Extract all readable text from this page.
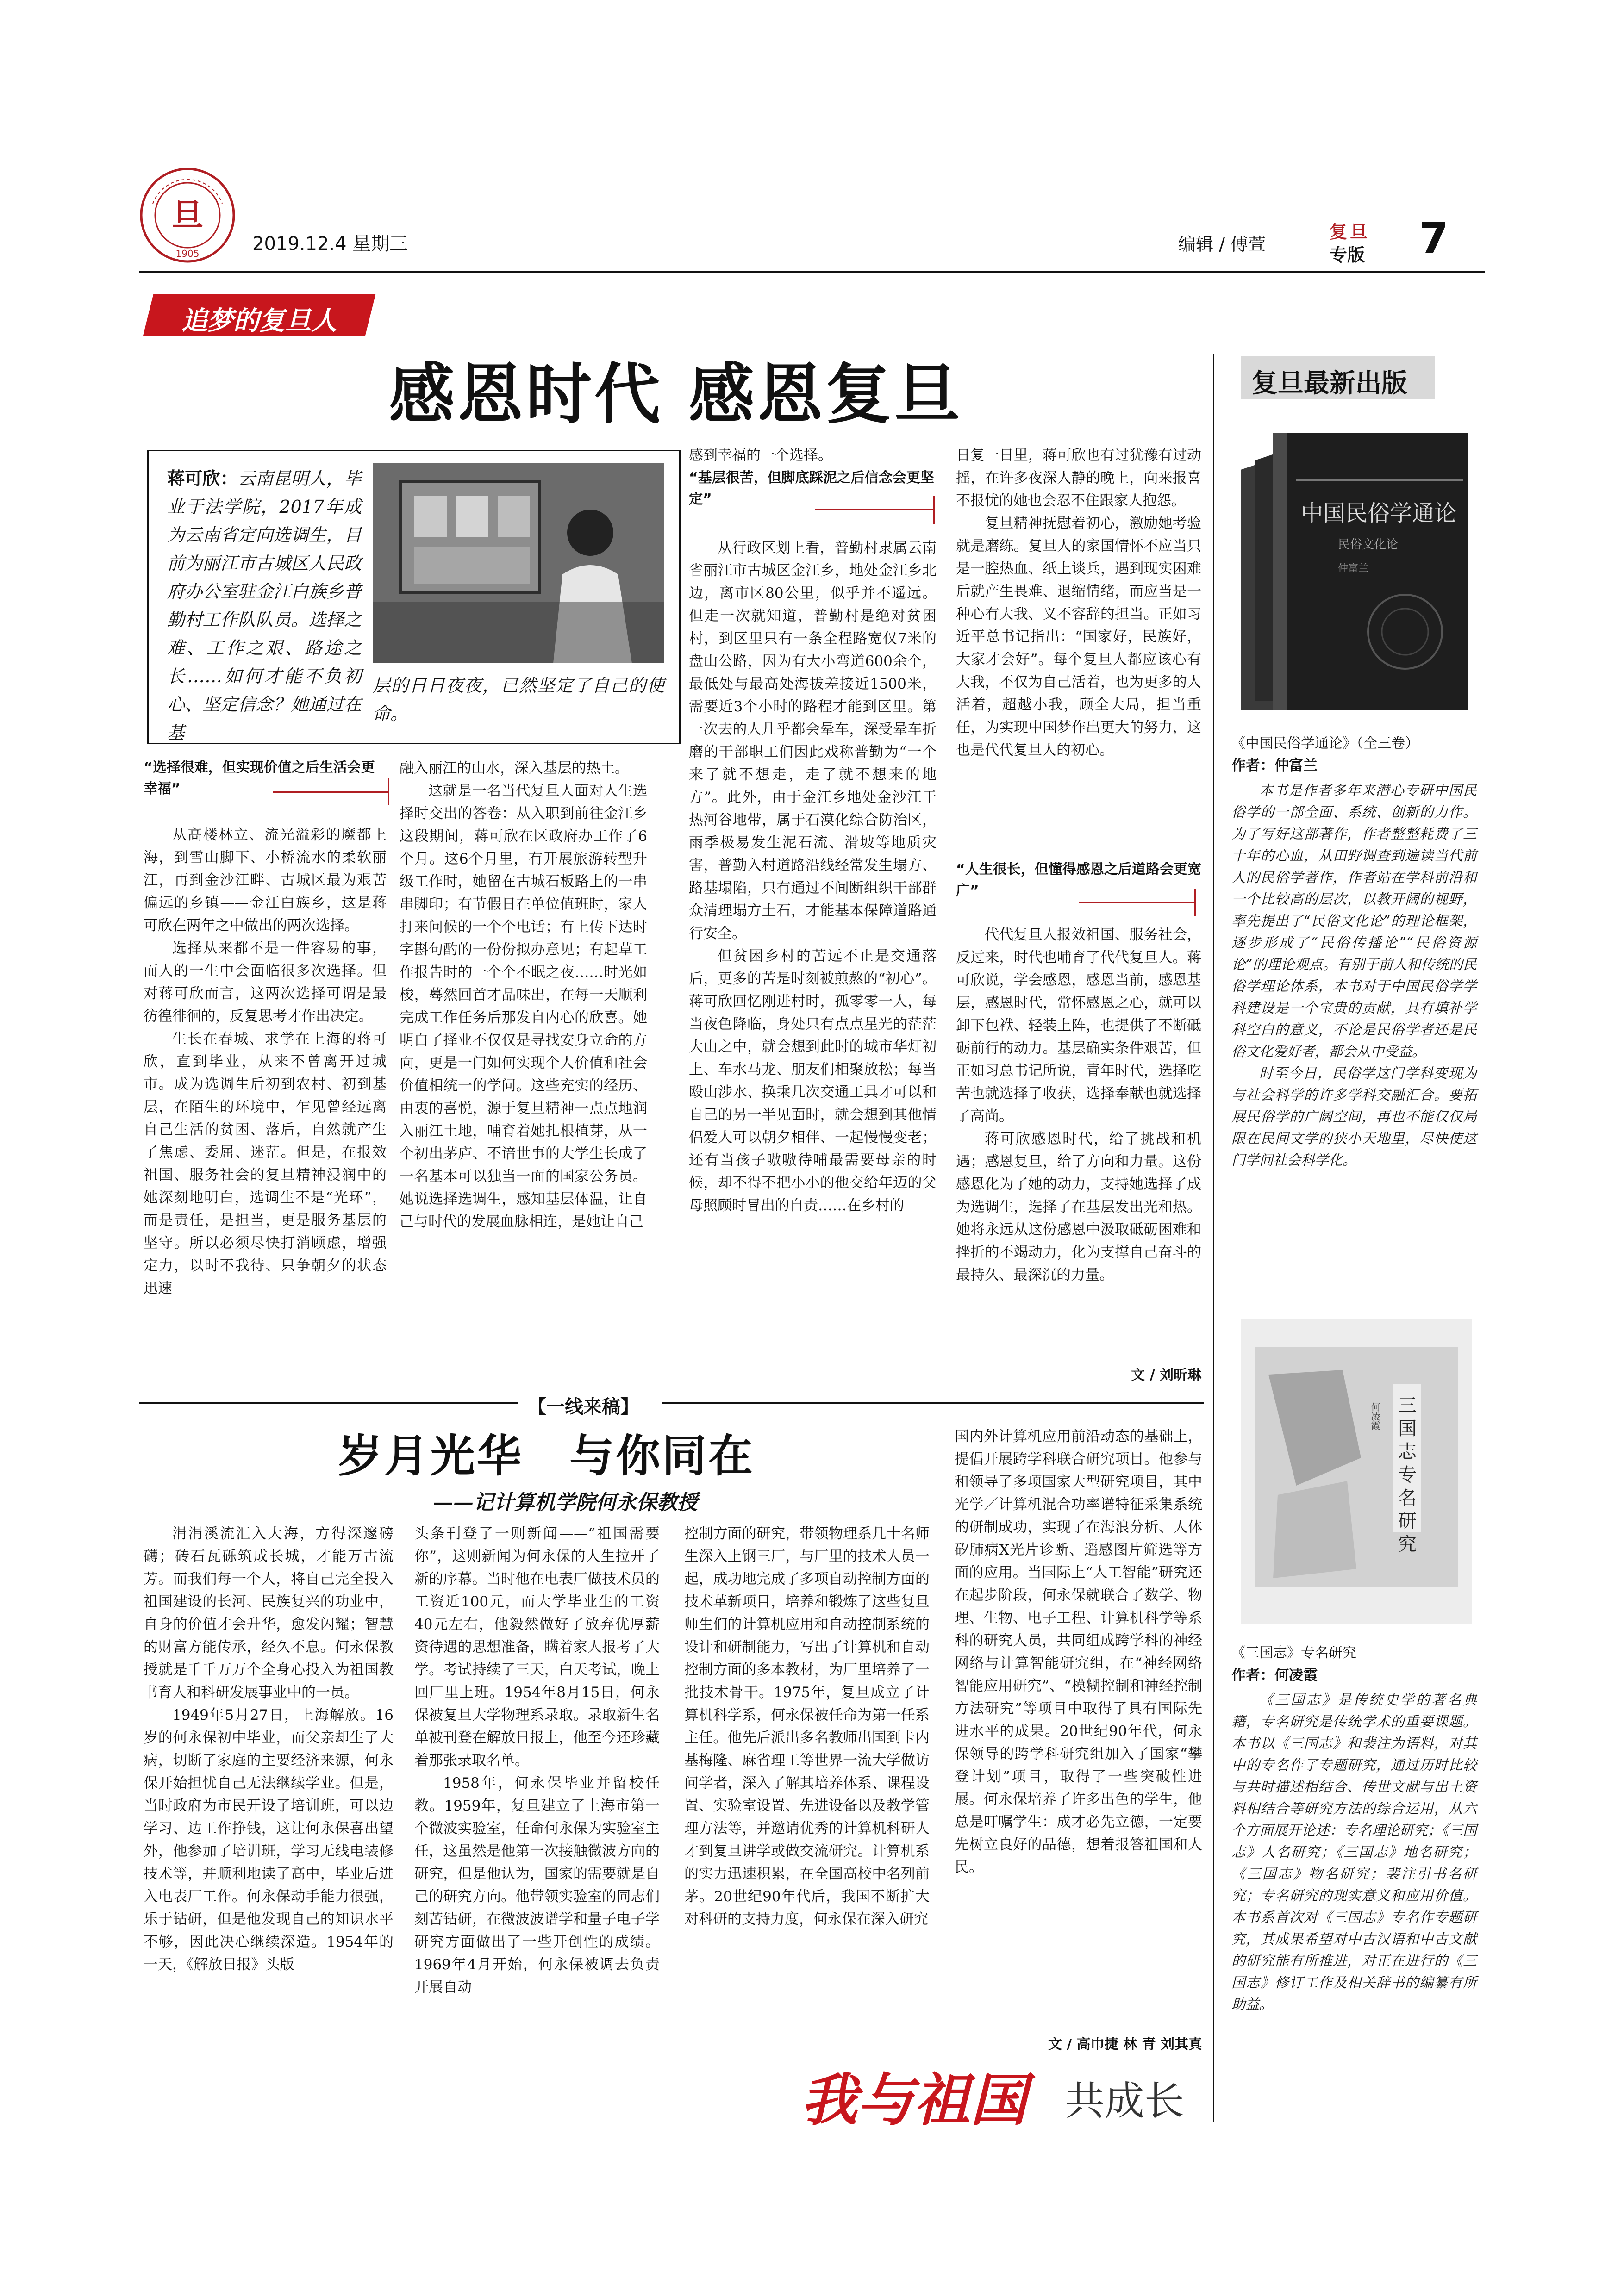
旦
1905	2019.12.4 星期三	编辑 / 傅萱
复旦
专版 7
追梦的复旦人
感恩时代 感恩复旦
蒋可欣：云南昆明人，毕业于法学院，2017年成为云南省定向选调生，目前为丽江市古城区人民政府办公室驻金江白族乡普勤村工作队队员。选择之难、工作之艰、路途之长……如何才能不负初心、坚定信念？她通过在基
层的日日夜夜，已然坚定了自己的使命。
“选择很难，但实现价值之后生活会更幸福”

从高楼林立、流光溢彩的魔都上海，到雪山脚下、小桥流水的柔软丽江，再到金沙江畔、古城区最为艰苦偏远的乡镇——金江白族乡，这是蒋可欣在两年之中做出的两次选择。

选择从来都不是一件容易的事，而人的一生中会面临很多次选择。但对蒋可欣而言，这两次选择可谓是最彷徨徘徊的，反复思考才作出决定。

生长在春城、求学在上海的蒋可欣，直到毕业，从来不曾离开过城市。成为选调生后初到农村、初到基层，在陌生的环境中，乍见曾经远离自己生活的贫困、落后，自然就产生了焦虑、委屈、迷茫。但是，在报效祖国、服务社会的复旦精神浸润中的她深刻地明白，选调生不是“光环”，而是责任，是担当，更是服务基层的坚守。所以必须尽快打消顾虑，增强定力，以时不我待、只争朝夕的状态迅速

融入丽江的山水，深入基层的热土。

这就是一名当代复旦人面对人生选择时交出的答卷：从入职到前往金江乡这段期间，蒋可欣在区政府办工作了6个月。这6个月里，有开展旅游转型升级工作时，她留在古城石板路上的一串串脚印；有节假日在单位值班时，家人打来问候的一个个电话；有上传下达时字斟句酌的一份份拟办意见；有起草工作报告时的一个个不眠之夜……时光如梭，蓦然回首才品味出，在每一天顺利完成工作任务后那发自内心的欣喜。她明白了择业不仅仅是寻找安身立命的方向，更是一门如何实现个人价值和社会价值相统一的学问。这些充实的经历、由衷的喜悦，源于复旦精神一点点地润入丽江土地，哺育着她扎根植芽，从一个初出茅庐、不谙世事的大学生长成了一名基本可以独当一面的国家公务员。她说选择选调生，感知基层体温，让自己与时代的发展血脉相连，是她让自己

感到幸福的一个选择。

“基层很苦，但脚底踩泥之后信念会更坚定”

从行政区划上看，普勤村隶属云南省丽江市古城区金江乡，地处金江乡北边，离市区80公里，似乎并不遥远。但走一次就知道，普勤村是绝对贫困村，到区里只有一条全程路宽仅7米的盘山公路，因为有大小弯道600余个，最低处与最高处海拔差接近1500米，需要近3个小时的路程才能到区里。第一次去的人几乎都会晕车，深受晕车折磨的干部职工们因此戏称普勤为“一个来了就不想走，走了就不想来的地方”。此外，由于金江乡地处金沙江干热河谷地带，属于石漠化综合防治区，雨季极易发生泥石流、滑坡等地质灾害，普勤入村道路沿线经常发生塌方、路基塌陷，只有通过不间断组织干部群众清理塌方土石，才能基本保障道路通行安全。

但贫困乡村的苦远不止是交通落后，更多的苦是时刻被煎熬的“初心”。蒋可欣回忆刚进村时，孤零零一人，每当夜色降临，身处只有点点星光的茫茫大山之中，就会想到此时的城市华灯初上、车水马龙、朋友们相聚放松；每当殴山涉水、换乘几次交通工具才可以和自己的另一半见面时，就会想到其他情侣爱人可以朝夕相伴、一起慢慢变老；还有当孩子嗷嗷待哺最需要母亲的时候，却不得不把小小的他交给年迈的父母照顾时冒出的自责……在乡村的

日复一日里，蒋可欣也有过犹豫有过动摇，在许多夜深人静的晚上，向来报喜不报忧的她也会忍不住跟家人抱怨。

复旦精神抚慰着初心，激励她考验就是磨练。复旦人的家国情怀不应当只是一腔热血、纸上谈兵，遇到现实困难后就产生畏难、退缩情绪，而应当是一种心有大我、义不容辞的担当。正如习近平总书记指出：“国家好，民族好，大家才会好”。每个复旦人都应该心有大我，不仅为自己活着，也为更多的人活着，超越小我，顾全大局，担当重任，为实现中国梦作出更大的努力，这也是代代复旦人的初心。

“人生很长，但懂得感恩之后道路会更宽广”

代代复旦人报效祖国、服务社会，反过来，时代也哺育了代代复旦人。蒋可欣说，学会感恩，感恩当前，感恩基层，感恩时代，常怀感恩之心，就可以卸下包袱、轻装上阵，也提供了不断砥砺前行的动力。基层确实条件艰苦，但正如习总书记所说，青年时代，选择吃苦也就选择了收获，选择奉献也就选择了高尚。

蒋可欣感恩时代，给了挑战和机遇；感恩复旦，给了方向和力量。这份感恩化为了她的动力，支持她选择了成为选调生，选择了在基层发出光和热。她将永远从这份感恩中汲取砥砺困难和挫折的不竭动力，化为支撑自己奋斗的最持久、最深沉的力量。

文 / 刘昕琳
【一线来稿】
岁月光华　与你同在
——记计算机学院何永保教授

涓涓溪流汇入大海，方得深邃磅礴；砖石瓦砾筑成长城，才能万古流芳。而我们每一个人，将自己完全投入祖国建设的长河、民族复兴的功业中，自身的价值才会升华，愈发闪耀；智慧的财富方能传承，经久不息。何永保教授就是千千万万个全身心投入为祖国教书育人和科研发展事业中的一员。

1949年5月27日，上海解放。16岁的何永保初中毕业，而父亲却生了大病，切断了家庭的主要经济来源，何永保开始担忧自己无法继续学业。但是，当时政府为市民开设了培训班，可以边学习、边工作挣钱，这让何永保喜出望外，他参加了培训班，学习无线电装修技术等，并顺利地读了高中，毕业后进入电表厂工作。何永保动手能力很强，乐于钻研，但是他发现自己的知识水平不够，因此决心继续深造。1954年的一天，《解放日报》头版

头条刊登了一则新闻——“祖国需要你”，这则新闻为何永保的人生拉开了新的序幕。当时他在电表厂做技术员的工资近100元，而大学毕业生的工资40元左右，他毅然做好了放弃优厚薪资待遇的思想准备，瞒着家人报考了大学。考试持续了三天，白天考试，晚上回厂里上班。1954年8月15日，何永保被复旦大学物理系录取。录取新生名单被刊登在解放日报上，他至今还珍藏着那张录取名单。

1958年，何永保毕业并留校任教。1959年，复旦建立了上海市第一个微波实验室，任命何永保为实验室主任，这虽然是他第一次接触微波方向的研究，但是他认为，国家的需要就是自己的研究方向。他带领实验室的同志们刻苦钻研，在微波波谱学和量子电子学研究方面做出了一些开创性的成绩。1969年4月开始，何永保被调去负责开展自动

控制方面的研究，带领物理系几十名师生深入上钢三厂，与厂里的技术人员一起，成功地完成了多项自动控制方面的技术革新项目，培养和锻炼了这些复旦师生们的计算机应用和自动控制系统的设计和研制能力，写出了计算机和自动控制方面的多本教材，为厂里培养了一批技术骨干。1975年，复旦成立了计算机科学系，何永保被任命为第一任系主任。他先后派出多名教师出国到卡内基梅隆、麻省理工等世界一流大学做访问学者，深入了解其培养体系、课程设置、实验室设置、先进设备以及教学管理方法等，并邀请优秀的计算机科研人才到复旦讲学或做交流研究。计算机系的实力迅速积累，在全国高校中名列前茅。20世纪90年代后，我国不断扩大对科研的支持力度，何永保在深入研究

国内外计算机应用前沿动态的基础上，提倡开展跨学科联合研究项目。他参与和领导了多项国家大型研究项目，其中光学／计算机混合功率谱特征采集系统的研制成功，实现了在海浪分析、人体矽肺病X光片诊断、遥感图片筛选等方面的应用。当国际上“人工智能”研究还在起步阶段，何永保就联合了数学、物理、生物、电子工程、计算机科学等系科的研究人员，共同组成跨学科的神经网络与计算智能研究组，在“神经网络智能应用研究”、“模糊控制和神经控制方法研究”等项目中取得了具有国际先进水平的成果。20世纪90年代，何永保领导的跨学科研究组加入了国家“攀登计划”项目，取得了一些突破性进展。何永保培养了许多出色的学生，他总是叮嘱学生：成才必先立德，一定要先树立良好的品德，想着报答祖国和人民。

文 / 高巾捷 林 青 刘其真
我与祖国 共成长
复旦最新出版
中国民俗学通论
民俗文化论
仲富兰
《中国民俗学通论》（全三卷）
作者：仲富兰

本书是作者多年来潜心专研中国民俗学的一部全面、系统、创新的力作。为了写好这部著作，作者整整耗费了三十年的心血，从田野调查到遍读当代前人的民俗学著作，作者站在学科前沿和一个比较高的层次，以教开阔的视野，率先提出了“民俗文化论”的理论框架，逐步形成了“民俗传播论”“民俗资源论”的理论观点。有别于前人和传统的民俗学理论体系，本书对于中国民俗学学科建设是一个宝贵的贡献，具有填补学科空白的意义，不论是民俗学者还是民俗文化爱好者，都会从中受益。

时至今日，民俗学这门学科变现为与社会科学的许多学科交融汇合。要拓展民俗学的广阔空间，再也不能仅仅局限在民间文学的狭小天地里，尽快使这门学问社会科学化。

三
国
志
专
名
研
究
何凌霞
《三国志》专名研究
作者：何凌霞

《三国志》是传统史学的著名典籍，专名研究是传统学术的重要课题。本书以《三国志》和裴注为语料，对其中的专名作了专题研究，通过历时比较与共时描述相结合、传世文献与出土资料相结合等研究方法的综合运用，从六个方面展开论述：专名理论研究；《三国志》人名研究；《三国志》地名研究；《三国志》物名研究；裴注引书名研究；专名研究的现实意义和应用价值。本书系首次对《三国志》专名作专题研究，其成果希望对中古汉语和中古文献的研究能有所推进，对正在进行的《三国志》修订工作及相关辞书的编纂有所助益。
